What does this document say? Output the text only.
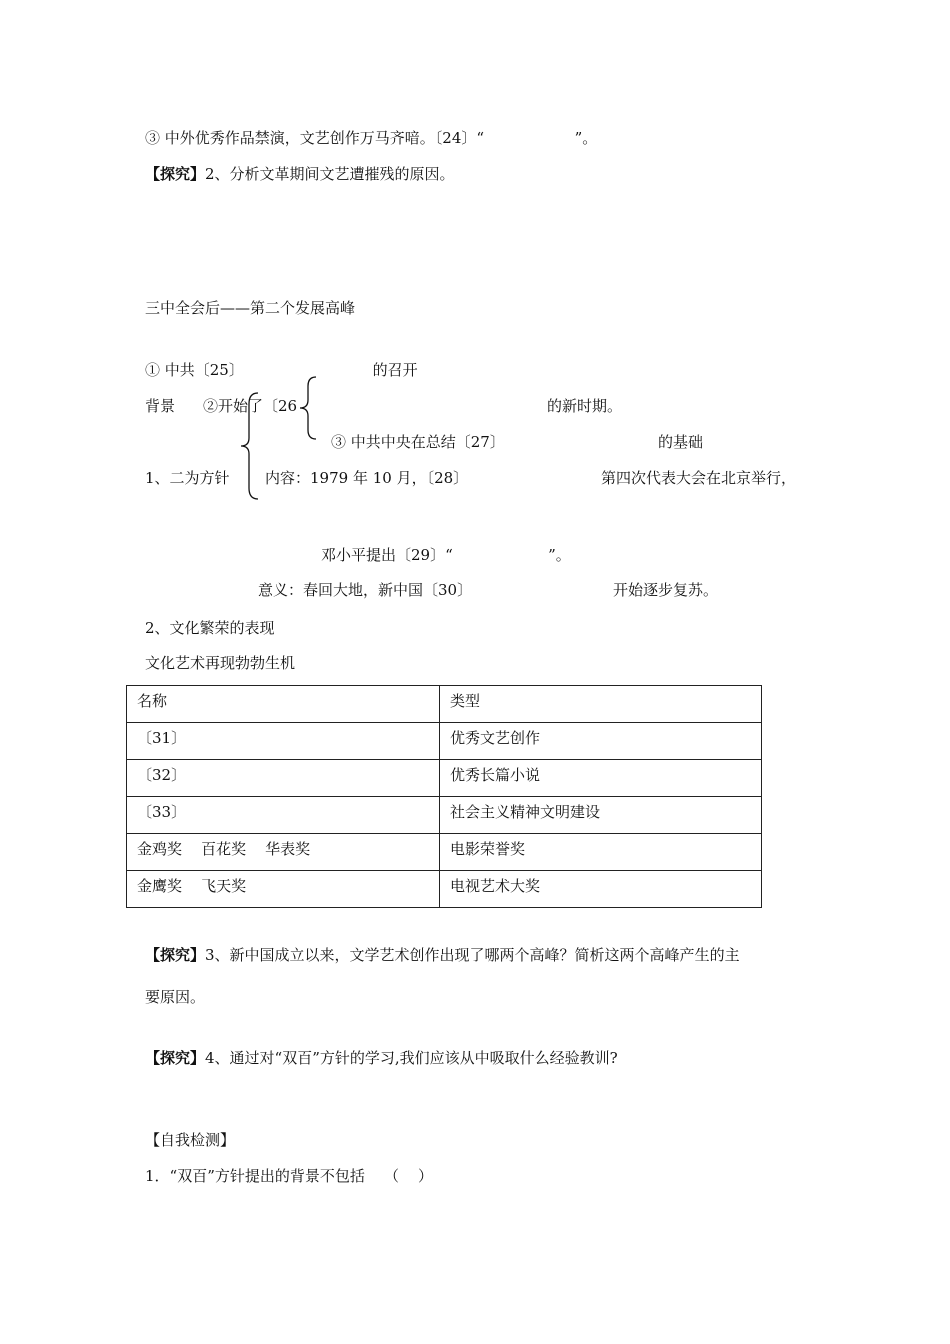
③ 中外优秀作品禁演，文艺创作万马齐喑。〔24〕“                   ”。
【探究】2、分析文革期间文艺遭摧残的原因。
三中全会后——第二个发展高峰
① 中共〔25〕                           的召开
背景 ②开始了〔26	的新时期。
③ 中共中央在总结〔27〕	的基础
1、二为方针 内容：1979 年 10 月，〔28〕	第四次代表大会在北京举行，
邓小平提出〔29〕“                    ”。
意义：春回大地，新中国〔30〕	开始逐步复苏。
2、文化繁荣的表现
文化艺术再现勃勃生机
名称	类型
〔31〕	优秀文艺创作
〔32〕	优秀长篇小说
〔33〕	社会主义精神文明建设
金鸡奖    百花奖    华表奖	电影荣誉奖
金鹰奖    飞天奖	电视艺术大奖
【探究】3、新中国成立以来，文学艺术创作出现了哪两个高峰？简析这两个高峰产生的主
要原因。
【探究】4、通过对“双百”方针的学习,我们应该从中吸取什么经验教训?
【自我检测】
1．“双百”方针提出的背景不包括    （    ）
